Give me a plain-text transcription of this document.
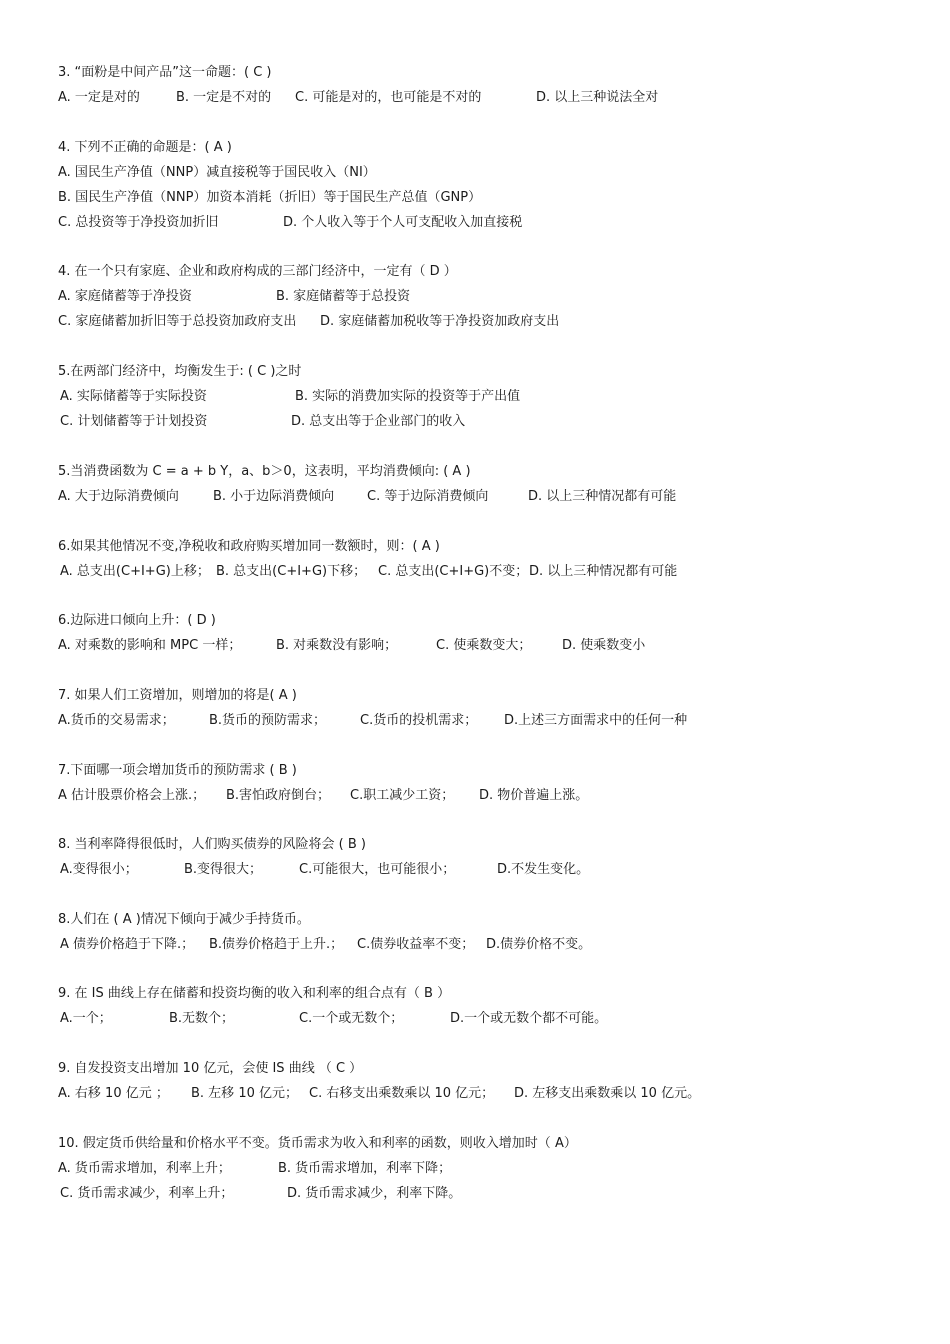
3. “面粉是中间产品”这一命题：( C )
A. 一定是对的	B. 一定是不对的 C. 可能是对的，也可能是不对的	D. 以上三种说法全对
4. 下列不正确的命题是：( A )
A. 国民生产净值（NNP）减直接税等于国民收入（NI）
B. 国民生产净值（NNP）加资本消耗（折旧）等于国民生产总值（GNP）
C. 总投资等于净投资加折旧	D. 个人收入等于个人可支配收入加直接税
4. 在一个只有家庭、企业和政府构成的三部门经济中，一定有（ D ）
A. 家庭储蓄等于净投资	B. 家庭储蓄等于总投资
C. 家庭储蓄加折旧等于总投资加政府支出 D. 家庭储蓄加税收等于净投资加政府支出
5.在两部门经济中，均衡发生于: ( C )之时
A. 实际储蓄等于实际投资	B. 实际的消费加实际的投资等于产出值
C. 计划储蓄等于计划投资	D. 总支出等于企业部门的收入
5.当消费函数为 C = a + b Y，a、b＞0，这表明，平均消费倾向: ( A )
A. 大于边际消费倾向	B. 小于边际消费倾向	C. 等于边际消费倾向	D. 以上三种情况都有可能
6.如果其他情况不变,净税收和政府购买增加同一数额时，则：( A )
A. 总支出(C+I+G)上移； B. 总支出(C+I+G)下移； C. 总支出(C+I+G)不变； D. 以上三种情况都有可能
6.边际进口倾向上升：( D )
A. 对乘数的影响和 MPC 一样；	B. 对乘数没有影响；	C. 使乘数变大； D. 使乘数变小
7. 如果人们工资增加，则增加的将是( A )
A.货币的交易需求；	B.货币的预防需求；	C.货币的投机需求； D.上述三方面需求中的任何一种
7.下面哪一项会增加货币的预防需求 ( B )
A 估计股票价格会上涨.； B.害怕政府倒台； C.职工减少工资； D. 物价普遍上涨。
8. 当利率降得很低时，人们购买债券的风险将会 ( B )
A.变得很小；	B.变得很大；	C.可能很大，也可能很小；	D.不发生变化。
8.人们在 ( A )情况下倾向于减少手持货币。
A 债券价格趋于下降.； B.债券价格趋于上升.； C.债券收益率不变； D.债券价格不变。
9. 在 IS 曲线上存在储蓄和投资均衡的收入和利率的组合点有（ B ）
A.一个；	B.无数个；	C.一个或无数个；	D.一个或无数个都不可能。
9. 自发投资支出增加 10 亿元，会使 IS 曲线 （ C ）
A. 右移 10 亿元 ； B. 左移 10 亿元； C. 右移支出乘数乘以 10 亿元； D. 左移支出乘数乘以 10 亿元。
10. 假定货币供给量和价格水平不变。货币需求为收入和利率的函数，则收入增加时（ A）
A. 货币需求增加，利率上升；	B. 货币需求增加，利率下降；
C. 货币需求减少，利率上升；	D. 货币需求减少，利率下降。
